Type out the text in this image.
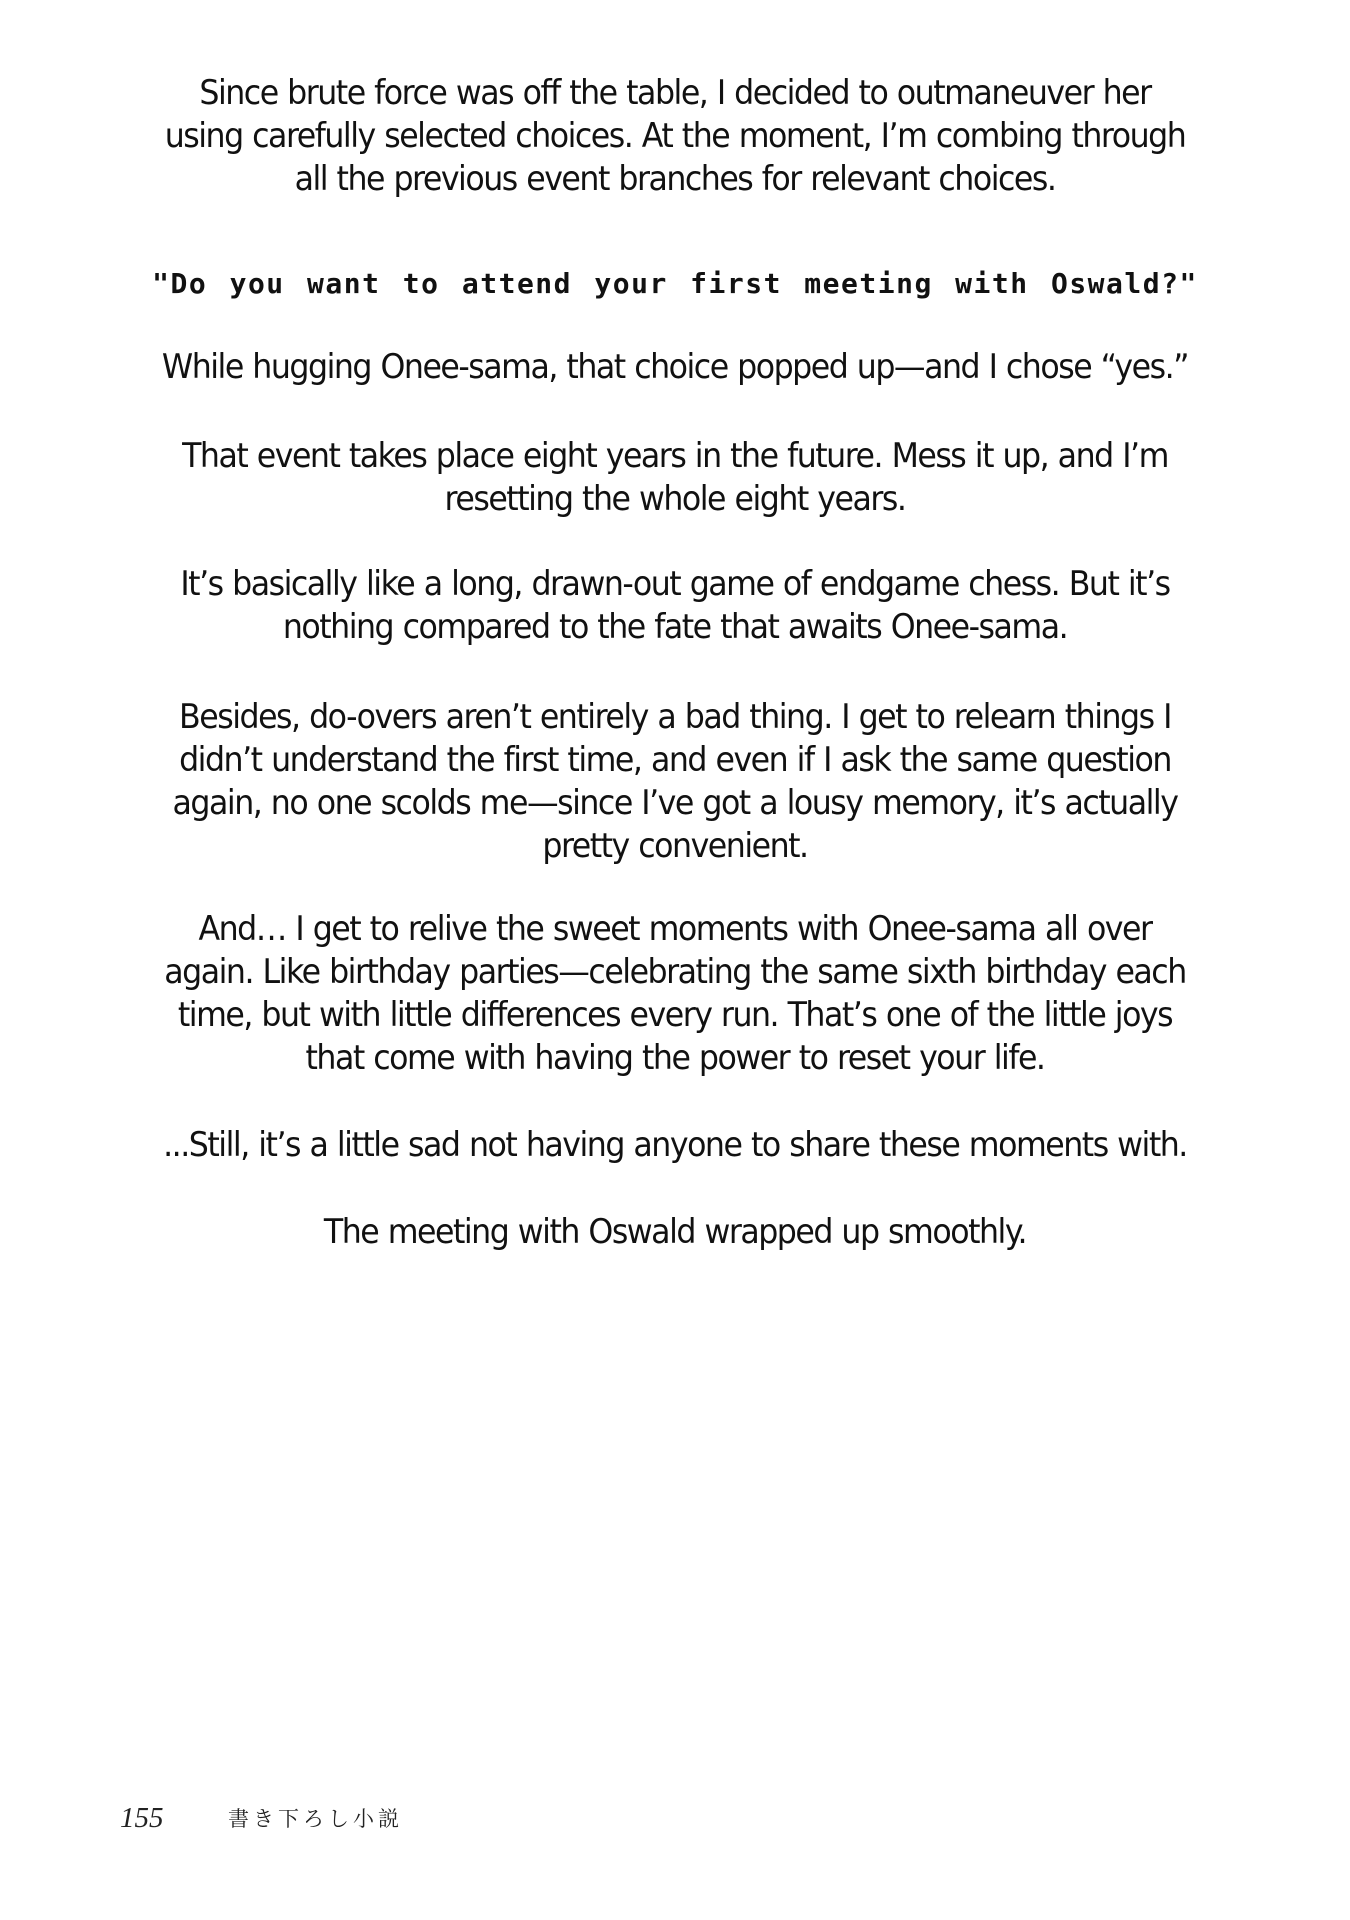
Since brute force was off the table, I decided to outmaneuver her
using carefully selected choices. At the moment, I’m combing through
all the previous event branches for relevant choices.
"Do you want to attend your first meeting with Oswald?"
While hugging Onee-sama, that choice popped up—and I chose “yes.”
That event takes place eight years in the future. Mess it up, and I’m
resetting the whole eight years.
It’s basically like a long, drawn-out game of endgame chess. But it’s
nothing compared to the fate that awaits Onee-sama.
Besides, do-overs aren’t entirely a bad thing. I get to relearn things I
didn’t understand the first time, and even if I ask the same question
again, no one scolds me—since I’ve got a lousy memory, it’s actually
pretty convenient.
And… I get to relive the sweet moments with Onee-sama all over
again. Like birthday parties—celebrating the same sixth birthday each
time, but with little differences every run. That’s one of the little joys
that come with having the power to reset your life.
...Still, it’s a little sad not having anyone to share these moments with.
The meeting with Oswald wrapped up smoothly.
155	書き下ろし小説
